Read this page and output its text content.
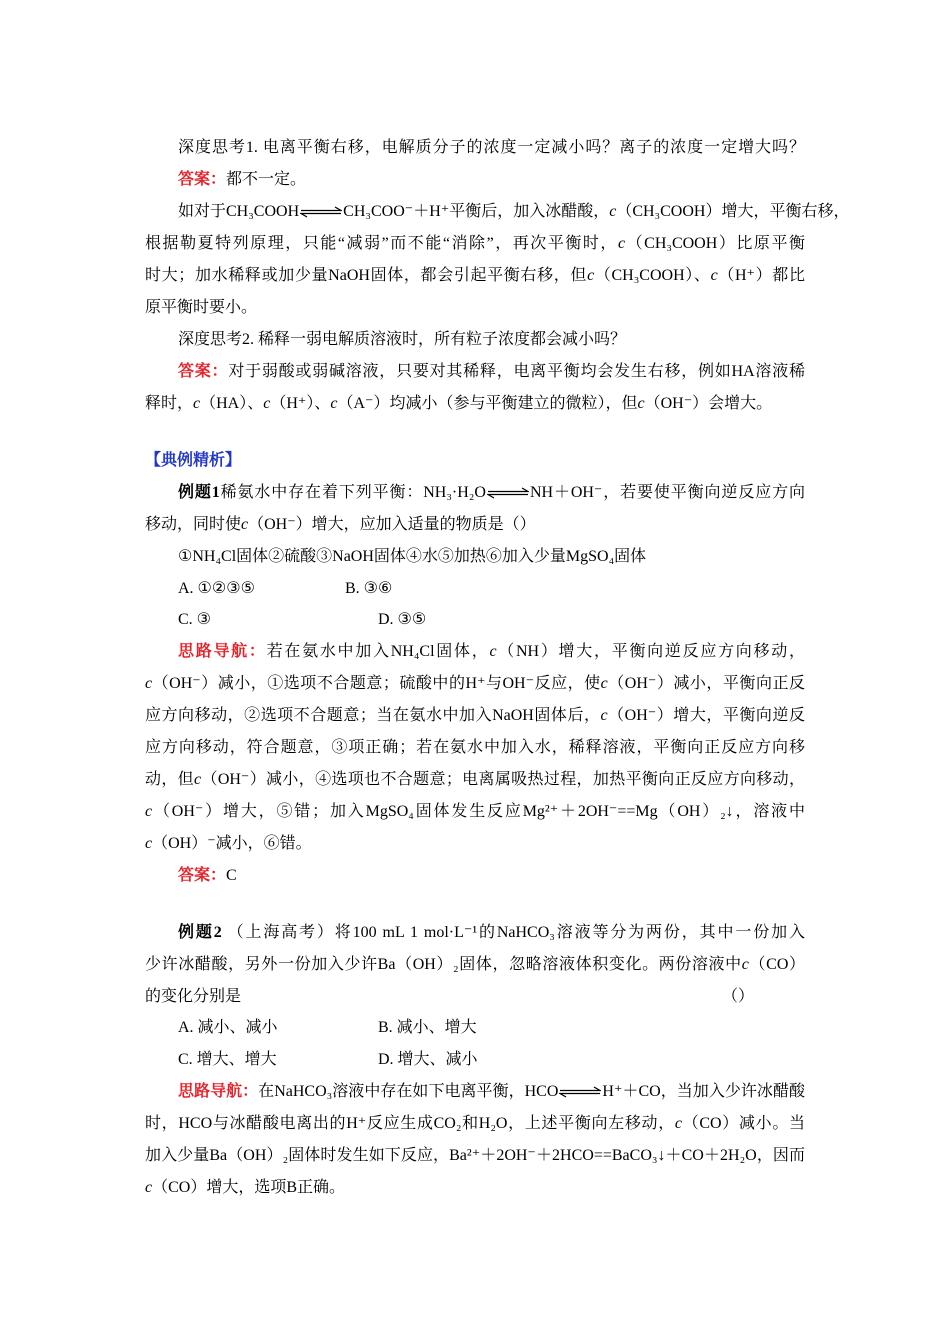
深度思考1. 电离平衡右移，电解质分子的浓度一定减小吗？离子的浓度一定增大吗？
答案：都不一定。
如对于CH₃COOH⇌CH₃COO⁻＋H⁺平衡后，加入冰醋酸，c（CH₃COOH）增大，平衡右移，
根据勒夏特列原理，只能“减弱”而不能“消除”，再次平衡时，c（CH₃COOH）比原平衡
时大；加水稀释或加少量NaOH固体，都会引起平衡右移，但c（CH₃COOH）、c（H⁺）都比
原平衡时要小。
深度思考2. 稀释一弱电解质溶液时，所有粒子浓度都会减小吗？
答案：对于弱酸或弱碱溶液，只要对其稀释，电离平衡均会发生右移，例如HA溶液稀
释时，c（HA）、c（H⁺）、c（A⁻）均减小（参与平衡建立的微粒），但c（OH⁻）会增大。
【典例精析】
例题1稀氨水中存在着下列平衡：NH₃·H₂O⇌NH＋OH⁻，若要使平衡向逆反应方向
移动，同时使c（OH⁻）增大，应加入适量的物质是（）
①NH₄Cl固体②硫酸③NaOH固体④水⑤加热⑥加入少量MgSO₄固体
A. ①②③⑤	B. ③⑥
C. ③	D. ③⑤
思路导航：若在氨水中加入NH₄Cl固体，c（NH）增大，平衡向逆反应方向移动，
c（OH⁻）减小，①选项不合题意；硫酸中的H⁺与OH⁻反应，使c（OH⁻）减小，平衡向正反
应方向移动，②选项不合题意；当在氨水中加入NaOH固体后，c（OH⁻）增大，平衡向逆反
应方向移动，符合题意，③项正确；若在氨水中加入水，稀释溶液，平衡向正反应方向移
动，但c（OH⁻）减小，④选项也不合题意；电离属吸热过程，加热平衡向正反应方向移动，
c（OH⁻）增大，⑤错；加入MgSO₄固体发生反应Mg²⁺＋2OH⁻==Mg（OH）₂↓，溶液中
c（OH）⁻减小，⑥错。
答案：C
例题2 （上海高考）将100 mL 1 mol·L⁻¹的NaHCO₃溶液等分为两份，其中一份加入
少许冰醋酸，另外一份加入少许Ba（OH）₂固体，忽略溶液体积变化。两份溶液中c（CO）
的变化分别是	（）
A. 减小、减小	B. 减小、增大
C. 增大、增大	D. 增大、减小
思路导航：在NaHCO₃溶液中存在如下电离平衡，HCO⇌H⁺＋CO，当加入少许冰醋酸
时，HCO与冰醋酸电离出的H⁺反应生成CO₂和H₂O，上述平衡向左移动，c（CO）减小。当
加入少量Ba（OH）₂固体时发生如下反应，Ba²⁺＋2OH⁻＋2HCO==BaCO₃↓＋CO＋2H₂O，因而
c（CO）增大，选项B正确。
